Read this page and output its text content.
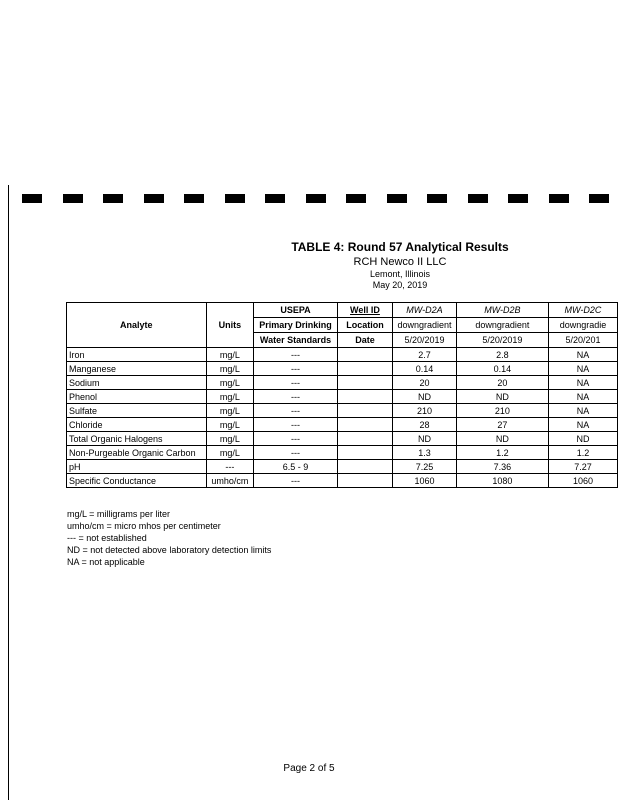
TABLE 4: Round 57 Analytical Results
RCH Newco II LLC
Lemont, Illinois
May 20, 2019
Analyte	Units	USEPA	Well ID	MW-D2A	MW-D2B	MW-D2C
		Primary Drinking	Location	downgradient	downgradient	downgradie
		Water Standards	Date	5/20/2019	5/20/2019	5/20/201
Iron	mg/L	---		2.7	2.8	NA
Manganese	mg/L	---		0.14	0.14	NA
Sodium	mg/L	---		20	20	NA
Phenol	mg/L	---		ND	ND	NA
Sulfate	mg/L	---		210	210	NA
Chloride	mg/L	---		28	27	NA
Total Organic Halogens	mg/L	---		ND	ND	ND
Non-Purgeable Organic Carbon	mg/L	---		1.3	1.2	1.2
pH	---	6.5 - 9		7.25	7.36	7.27
Specific Conductance	umho/cm	---		1060	1080	1060
mg/L = milligrams per liter
umho/cm = micro mhos per centimeter
--- = not established
ND = not detected above laboratory detection limits
NA = not applicable
Page 2 of 5
